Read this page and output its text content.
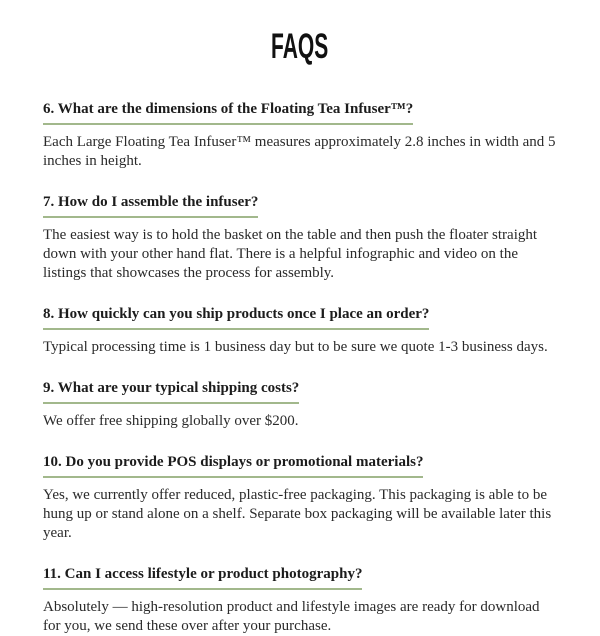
FAQS
6. What are the dimensions of the Floating Tea Infuser™?

Each Large Floating Tea Infuser™ measures approximately 2.8 inches in width and 5 inches in height.

7. How do I assemble the infuser?

The easiest way is to hold the basket on the table and then push the floater straight down with your other hand flat. There is a helpful infographic and video on the listings that showcases the process for assembly.

8. How quickly can you ship products once I place an order?

Typical processing time is 1 business day but to be sure we quote 1-3 business days.

9. What are your typical shipping costs?

We offer free shipping globally over $200.

10. Do you provide POS displays or promotional materials?

Yes, we currently offer reduced, plastic-free packaging. This packaging is able to be hung up or stand alone on a shelf. Separate box packaging will be available later this year.

11. Can I access lifestyle or product photography?

Absolutely — high-resolution product and lifestyle images are ready for download for you, we send these over after your purchase.
